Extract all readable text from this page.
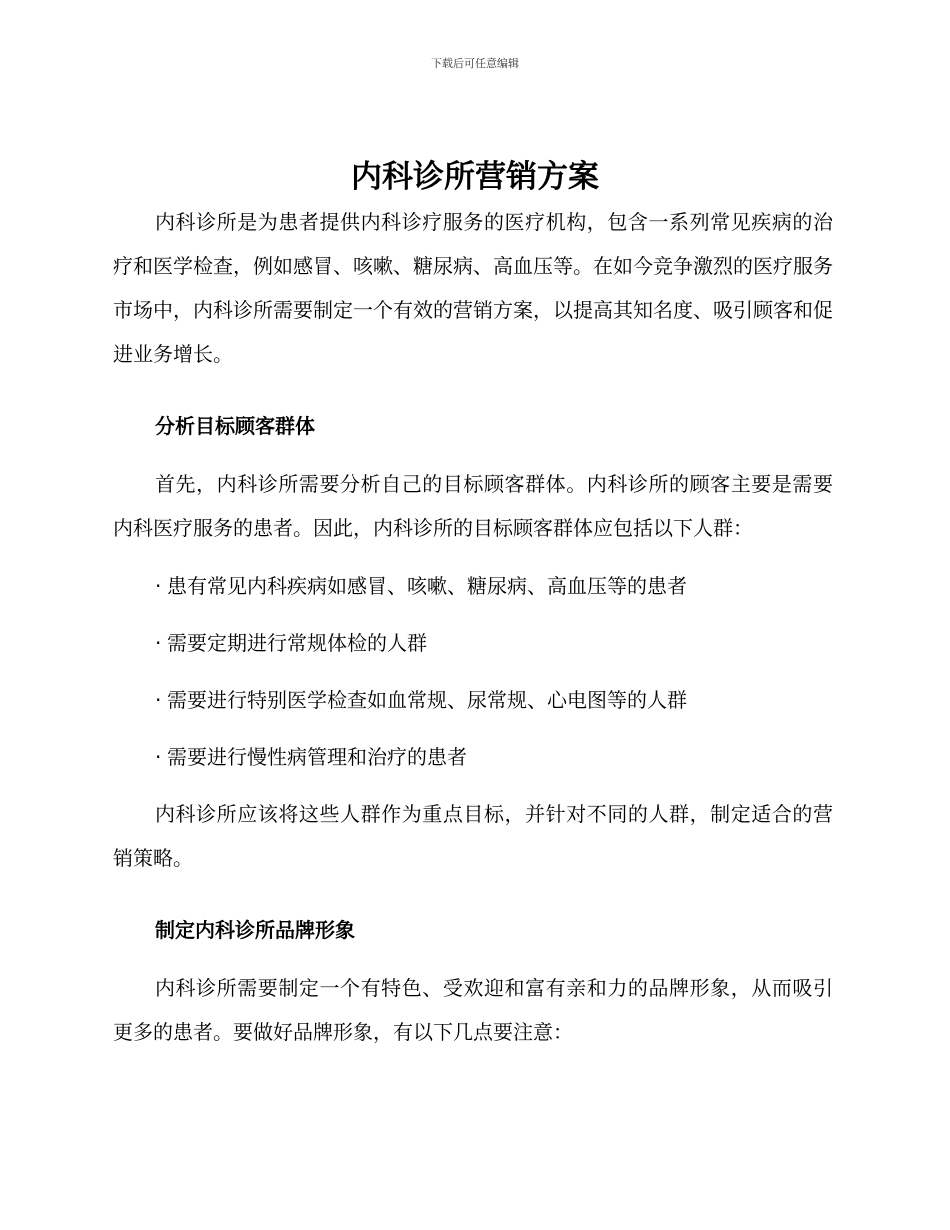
下载后可任意编辑
内科诊所营销方案

内科诊所是为患者提供内科诊疗服务的医疗机构，包含一系列常见疾病的治疗和医学检查，例如感冒、咳嗽、糖尿病、高血压等。在如今竞争激烈的医疗服务市场中，内科诊所需要制定一个有效的营销方案，以提高其知名度、吸引顾客和促进业务增长。

分析目标顾客群体

首先，内科诊所需要分析自己的目标顾客群体。内科诊所的顾客主要是需要内科医疗服务的患者。因此，内科诊所的目标顾客群体应包括以下人群：

· 患有常见内科疾病如感冒、咳嗽、糖尿病、高血压等的患者
· 需要定期进行常规体检的人群
· 需要进行特别医学检查如血常规、尿常规、心电图等的人群
· 需要进行慢性病管理和治疗的患者

内科诊所应该将这些人群作为重点目标，并针对不同的人群，制定适合的营销策略。

制定内科诊所品牌形象

内科诊所需要制定一个有特色、受欢迎和富有亲和力的品牌形象，从而吸引更多的患者。要做好品牌形象，有以下几点要注意：
